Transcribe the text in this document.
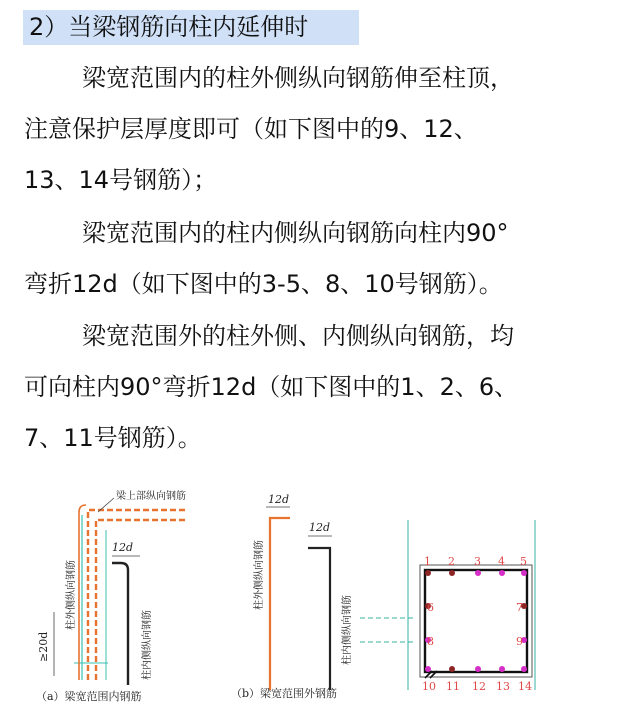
2）当梁钢筋向柱内延伸时
梁宽范围内的柱外侧纵向钢筋伸至柱顶，
注意保护层厚度即可（如下图中的9、12、
13、14号钢筋）；
梁宽范围内的柱内侧纵向钢筋向柱内90°
弯折12d（如下图中的3-5、8、10号钢筋）。
梁宽范围外的柱外侧、内侧纵向钢筋，均
可向柱内90°弯折12d（如下图中的1、2、6、
7、11号钢筋）。
12d
≥20d
梁上部纵向钢筋
柱外侧纵向钢筋
柱内侧纵向钢筋
（a）梁宽范围内钢筋
12d
12d
柱外侧纵向钢筋
柱内侧纵向钢筋
（b）梁宽范围外钢筋
1 2 3 4 5
6
8
7
9
10 11 12 13 14
